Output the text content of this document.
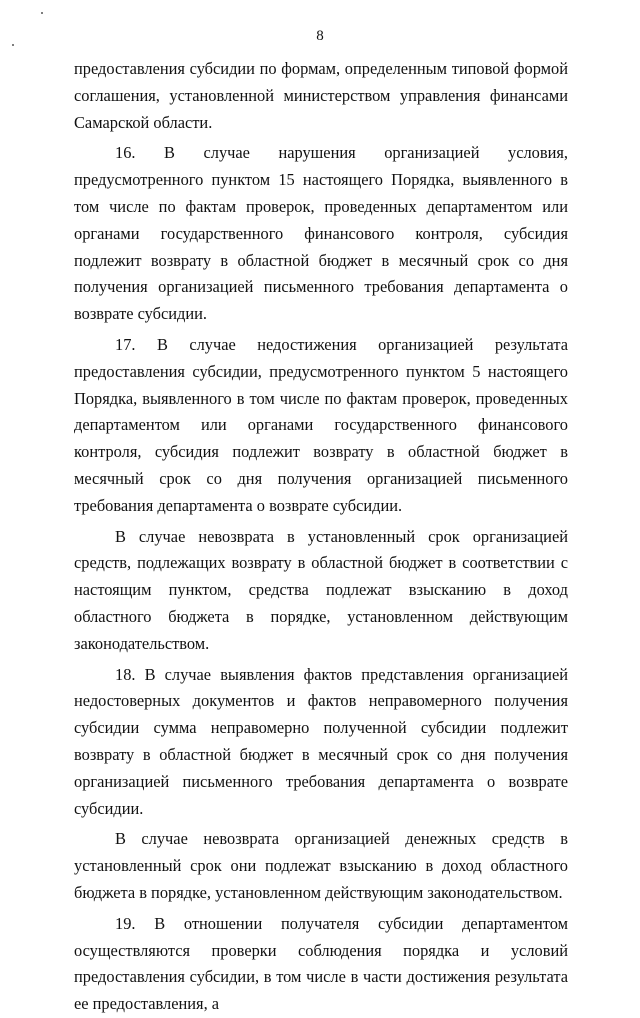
8

предоставления субсидии по формам, определенным типовой формой соглашения, установленной министерством управления финансами Самарской области.

16. В случае нарушения организацией условия, предусмотренного пунктом 15 настоящего Порядка, выявленного в том числе по фактам проверок, проведенных департаментом или органами государственного финансового контроля, субсидия подлежит возврату в областной бюджет в месячный срок со дня получения организацией письменного требования департамента о возврате субсидии.

17. В случае недостижения организацией результата предоставления субсидии, предусмотренного пунктом 5 настоящего Порядка, выявленного в том числе по фактам проверок, проведенных департаментом или органами государственного финансового контроля, субсидия подлежит возврату в областной бюджет в месячный срок со дня получения организацией письменного требования департамента о возврате субсидии.

В случае невозврата в установленный срок организацией средств, подлежащих возврату в областной бюджет в соответствии с настоящим пунктом, средства подлежат взысканию в доход областного бюджета в порядке, установленном действующим законодательством.

18. В случае выявления фактов представления организацией недостоверных документов и фактов неправомерного получения субсидии сумма неправомерно полученной субсидии подлежит возврату в областной бюджет в месячный срок со дня получения организацией письменного требования департамента о возврате субсидии.

В случае невозврата организацией денежных средств в установленный срок они подлежат взысканию в доход областного бюджета в порядке, установленном действующим законодательством.

19. В отношении получателя субсидии департаментом осуществляются проверки соблюдения порядка и условий предоставления субсидии, в том числе в части достижения результата ее предоставления, а
